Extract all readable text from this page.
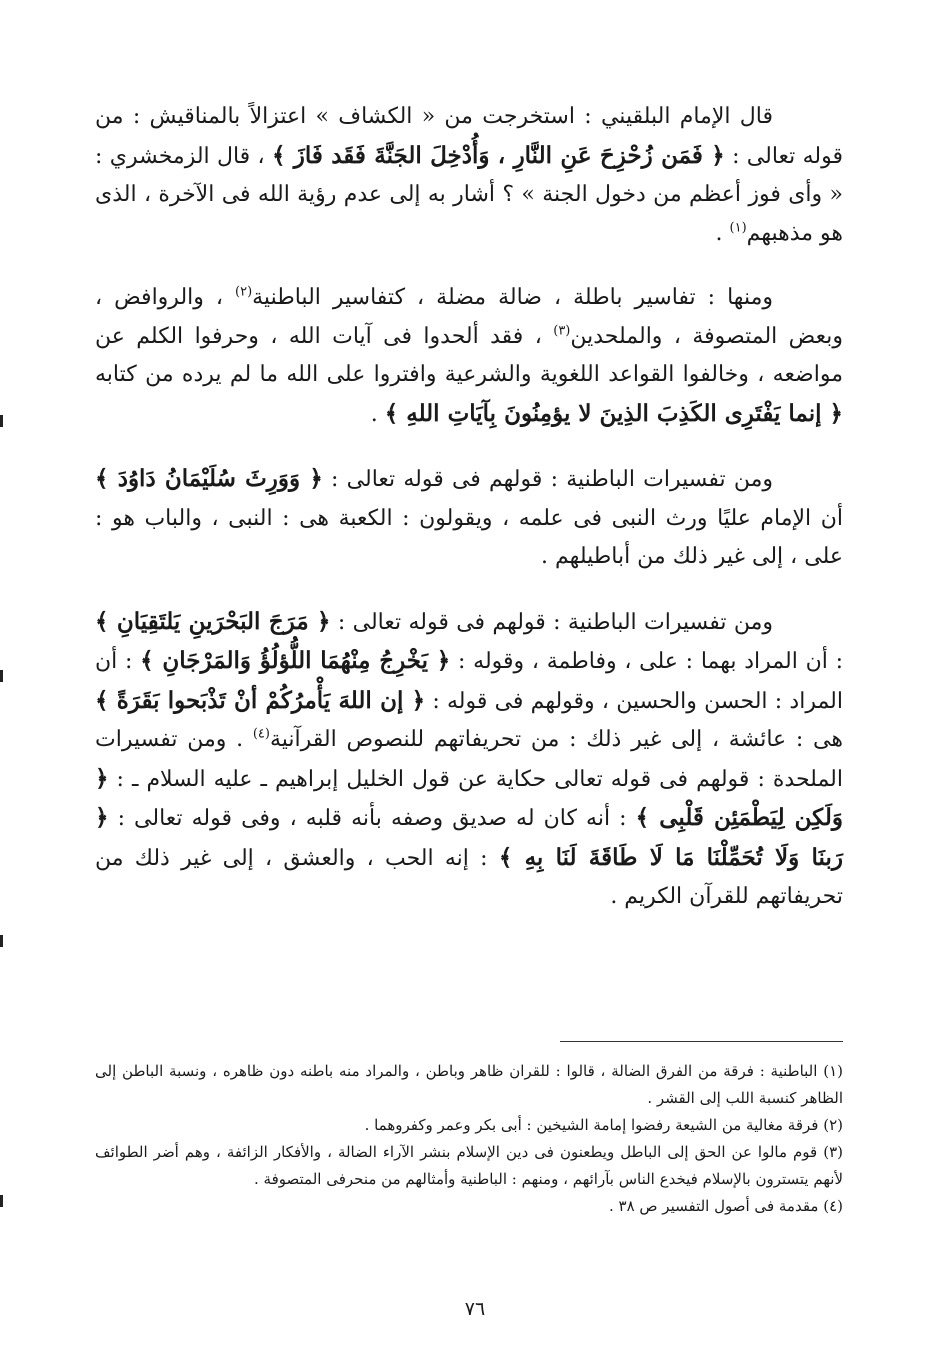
قال الإمام البلقيني : استخرجت من « الكشاف » اعتزالاً بالمناقيش : من قوله تعالى : ﴿ فَمَن زُحْزِحَ عَنِ النَّارِ ، وَأُدْخِلَ الجَنَّةَ فَقَد فَازَ ﴾ ، قال الزمخشري : « وأى فوز أعظم من دخول الجنة » ؟ أشار به إلى عدم رؤية الله فى الآخرة ، الذى هو مذهبهم$^{(١)}$ .

ومنها : تفاسير باطلة ، ضالة مضلة ، كتفاسير الباطنية$^{(٢)}$ ، والروافض ، وبعض المتصوفة ، والملحدين$^{(٣)}$ ، فقد ألحدوا فى آيات الله ، وحرفوا الكلم عن مواضعه ، وخالفوا القواعد اللغوية والشرعية وافتروا على الله ما لم يرده من كتابه ﴿ إنما يَفْتَرِى الكَذِبَ الذِينَ لا يؤمِنُونَ بِآيَاتِ اللهِ ﴾ .

ومن تفسيرات الباطنية : قولهم فى قوله تعالى : ﴿ وَوَرِثَ سُلَيْمَانُ دَاوُدَ ﴾ أن الإمام عليًا ورث النبى فى علمه ، ويقولون : الكعبة هى : النبى ، والباب هو : على ، إلى غير ذلك من أباطيلهم .

ومن تفسيرات الباطنية : قولهم فى قوله تعالى : ﴿ مَرَجَ البَحْرَينِ يَلتَقِيَانِ ﴾ : أن المراد بهما : على ، وفاطمة ، وقوله : ﴿ يَخْرِجُ مِنْهُمَا اللُّؤلُؤُ وَالمَرْجَانِ ﴾ : أن المراد : الحسن والحسين ، وقولهم فى قوله : ﴿ إن اللهَ يَأْمرُكُمْ أنْ تَذْبَحوا بَقَرَةً ﴾ هى : عائشة ، إلى غير ذلك : من تحريفاتهم للنصوص القرآنية$^{(٤)}$ . ومن تفسيرات الملحدة : قولهم فى قوله تعالى حكاية عن قول الخليل إبراهيم ـ عليه السلام ـ : ﴿ وَلَكِن لِيَطْمَئِن قَلْبِى ﴾ : أنه كان له صديق وصفه بأنه قلبه ، وفى قوله تعالى : ﴿ رَبنَا وَلَا تُحَمِّلْنَا مَا لَا طَاقَةَ لَنَا بِهِ ﴾ : إنه الحب ، والعشق ، إلى غير ذلك من تحريفاتهم للقرآن الكريم .

(١) الباطنية : فرقة من الفرق الضالة ، قالوا : للقران ظاهر وباطن ، والمراد منه باطنه دون ظاهره ، ونسبة الباطن إلى الظاهر كنسبة اللب إلى القشر .

(٢) فرقة مغالية من الشيعة رفضوا إمامة الشيخين : أبى بكر وعمر وكفروهما .

(٣) قوم مالوا عن الحق إلى الباطل ويطعنون فى دين الإسلام بنشر الآراء الضالة ، والأفكار الزائفة ، وهم أضر الطوائف لأنهم يتسترون بالإسلام فيخدع الناس بآرائهم ، ومنهم : الباطنية وأمثالهم من منحرفى المتصوفة .

(٤) مقدمة فى أصول التفسير ص ٣٨ .

٧٦
